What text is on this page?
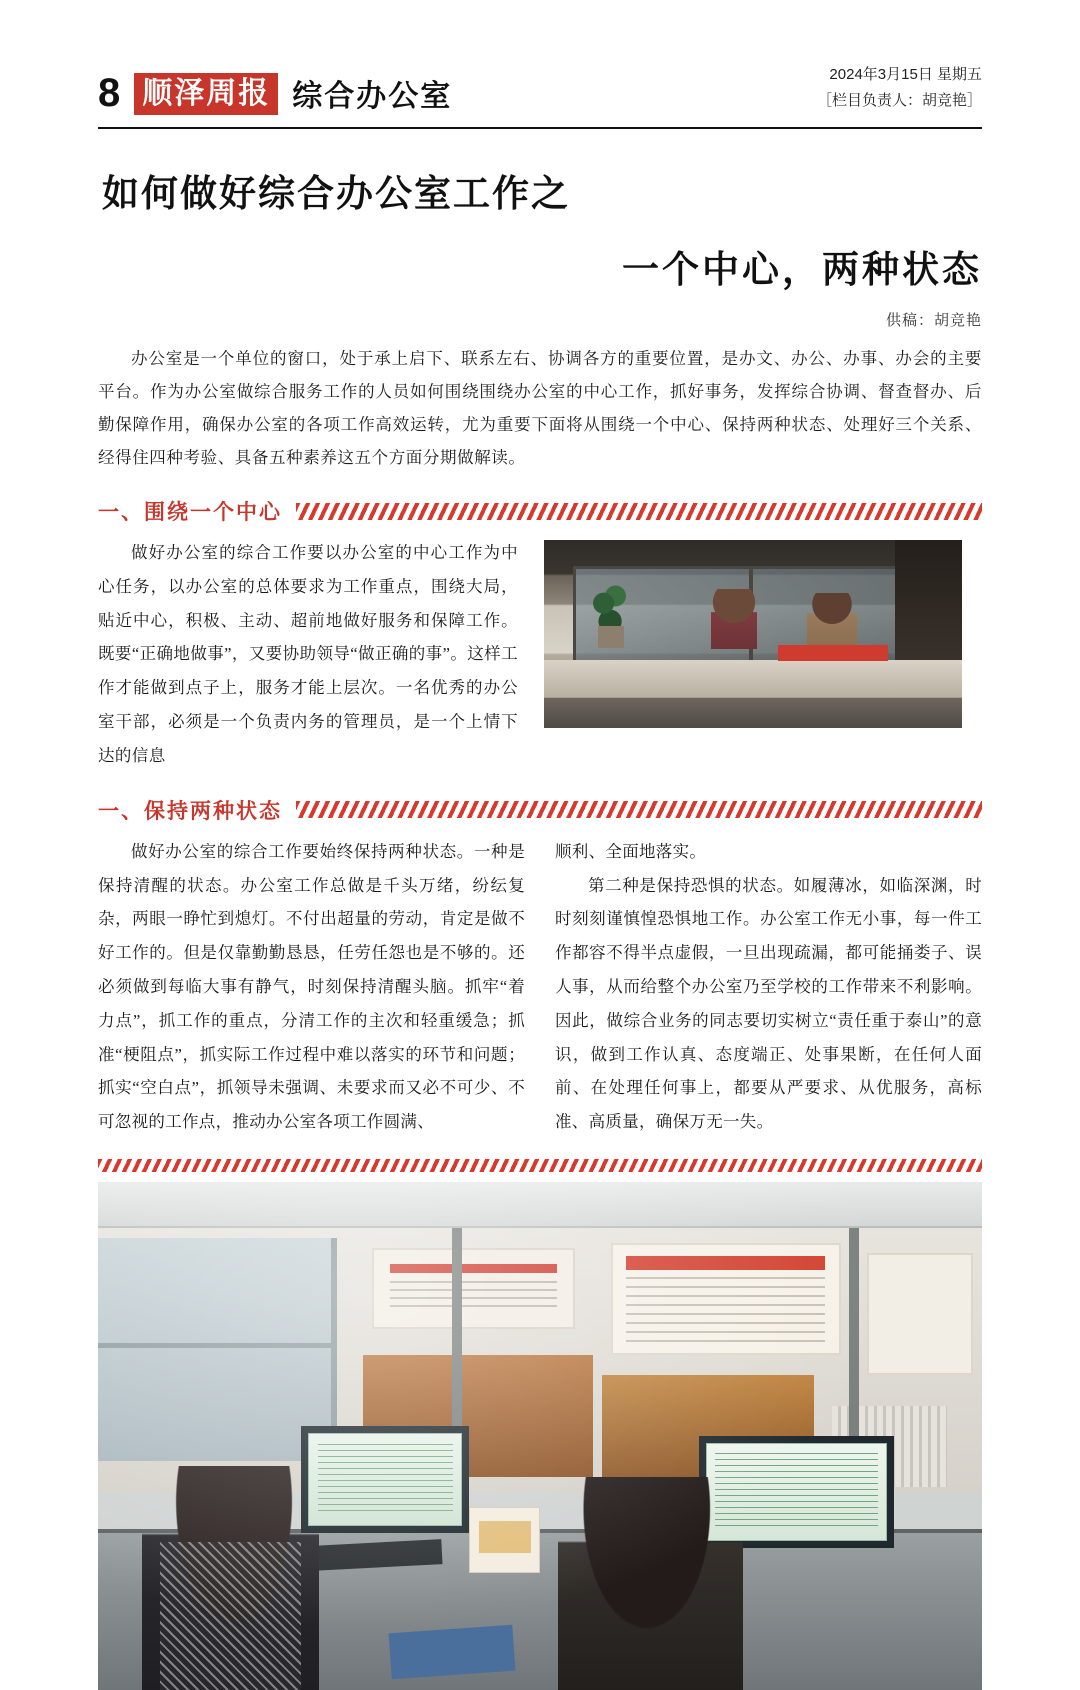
8 顺泽周报 综合办公室
2024年3月15日 星期五
［栏目负责人：胡竞艳］
如何做好综合办公室工作之
一个中心，两种状态
供稿：胡竞艳
办公室是一个单位的窗口，处于承上启下、联系左右、协调各方的重要位置，是办文、办公、办事、办会的主要平台。作为办公室做综合服务工作的人员如何围绕围绕办公室的中心工作，抓好事务，发挥综合协调、督查督办、后勤保障作用，确保办公室的各项工作高效运转，尤为重要下面将从围绕一个中心、保持两种状态、处理好三个关系、经得住四种考验、具备五种素养这五个方面分期做解读。
一、围绕一个中心
做好办公室的综合工作要以办公室的中心工作为中心任务，以办公室的总体要求为工作重点，围绕大局，贴近中心，积极、主动、超前地做好服务和保障工作。既要“正确地做事”，又要协助领导“做正确的事”。这样工作才能做到点子上，服务才能上层次。一名优秀的办公室干部，必须是一个负责内务的管理员，是一个上情下达的信息
一、保持两种状态

做好办公室的综合工作要始终保持两种状态。一种是保持清醒的状态。办公室工作总做是千头万绪，纷纭复杂，两眼一睁忙到熄灯。不付出超量的劳动，肯定是做不好工作的。但是仅靠勤勤恳恳，任劳任怨也是不够的。还必须做到每临大事有静气，时刻保持清醒头脑。抓牢“着力点”，抓工作的重点，分清工作的主次和轻重缓急；抓准“梗阻点”，抓实际工作过程中难以落实的环节和问题；抓实“空白点”，抓领导未强调、未要求而又必不可少、不可忽视的工作点，推动办公室各项工作圆满、

顺利、全面地落实。

第二种是保持恐惧的状态。如履薄冰，如临深渊，时时刻刻谨慎惶恐惧地工作。办公室工作无小事，每一件工作都容不得半点虚假，一旦出现疏漏，都可能捅娄子、误人事，从而给整个办公室乃至学校的工作带来不利影响。因此，做综合业务的同志要切实树立“责任重于泰山”的意识，做到工作认真、态度端正、处事果断，在任何人面前、在处理任何事上，都要从严要求、从优服务，高标准、高质量，确保万无一失。
